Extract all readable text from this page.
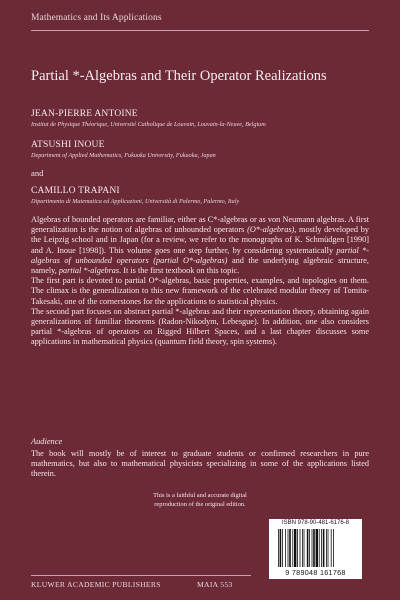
Mathematics and Its Applications
Partial *-Algebras and Their Operator Realizations
JEAN-PIERRE ANTOINE
Institut de Physique Théorique, Université Catholique de Louvain, Louvain-la-Neuve, Belgium
ATSUSHI INOUE
Department of Applied Mathematics, Fukuoka University, Fukuoka, Japan
and
CAMILLO TRAPANI
Dipartimento di Matematica ed Applicazioni, Università di Palermo, Palermo, Italy

Algebras of bounded operators are familiar, either as C*-algebras or as von Neumann algebras. A first generalization is the notion of algebras of unbounded operators (O*-algebras), mostly developed by the Leipzig school and in Japan (for a review, we refer to the monographs of K. Schmüdgen [1990] and A. Inoue [1998]). This volume goes one step further, by considering systematically partial *-algebras of unbounded operators (partial O*-algebras) and the underlying algebraic structure, namely, partial *-algebras. It is the first textbook on this topic.

The first part is devoted to partial O*-algebras, basic properties, examples, and topologies on them. The climax is the generalization to this new framework of the celebrated modular theory of Tomita-Takesaki, one of the cornerstones for the applications to statistical physics.

The second part focuses on abstract partial *-algebras and their representation theory, obtaining again generalizations of familiar theorems (Radon-Nikodym, Lebesgue). In addition, one also considers partial *-algebras of operators on Rigged Hilbert Spaces, and a last chapter discusses some applications in mathematical physics (quantum field theory, spin systems).

Audience
The book will mostly be of interest to graduate students or confirmed researchers in pure mathematics, but also to mathematical physicists specializing in some of the applications listed therein.
This is a faithful and accurate digital
reproduction of the original edition.
ISBN 978-90-481-6176-8
9 789048 161768
KLUWER ACADEMIC PUBLISHERS	MAIA 553
